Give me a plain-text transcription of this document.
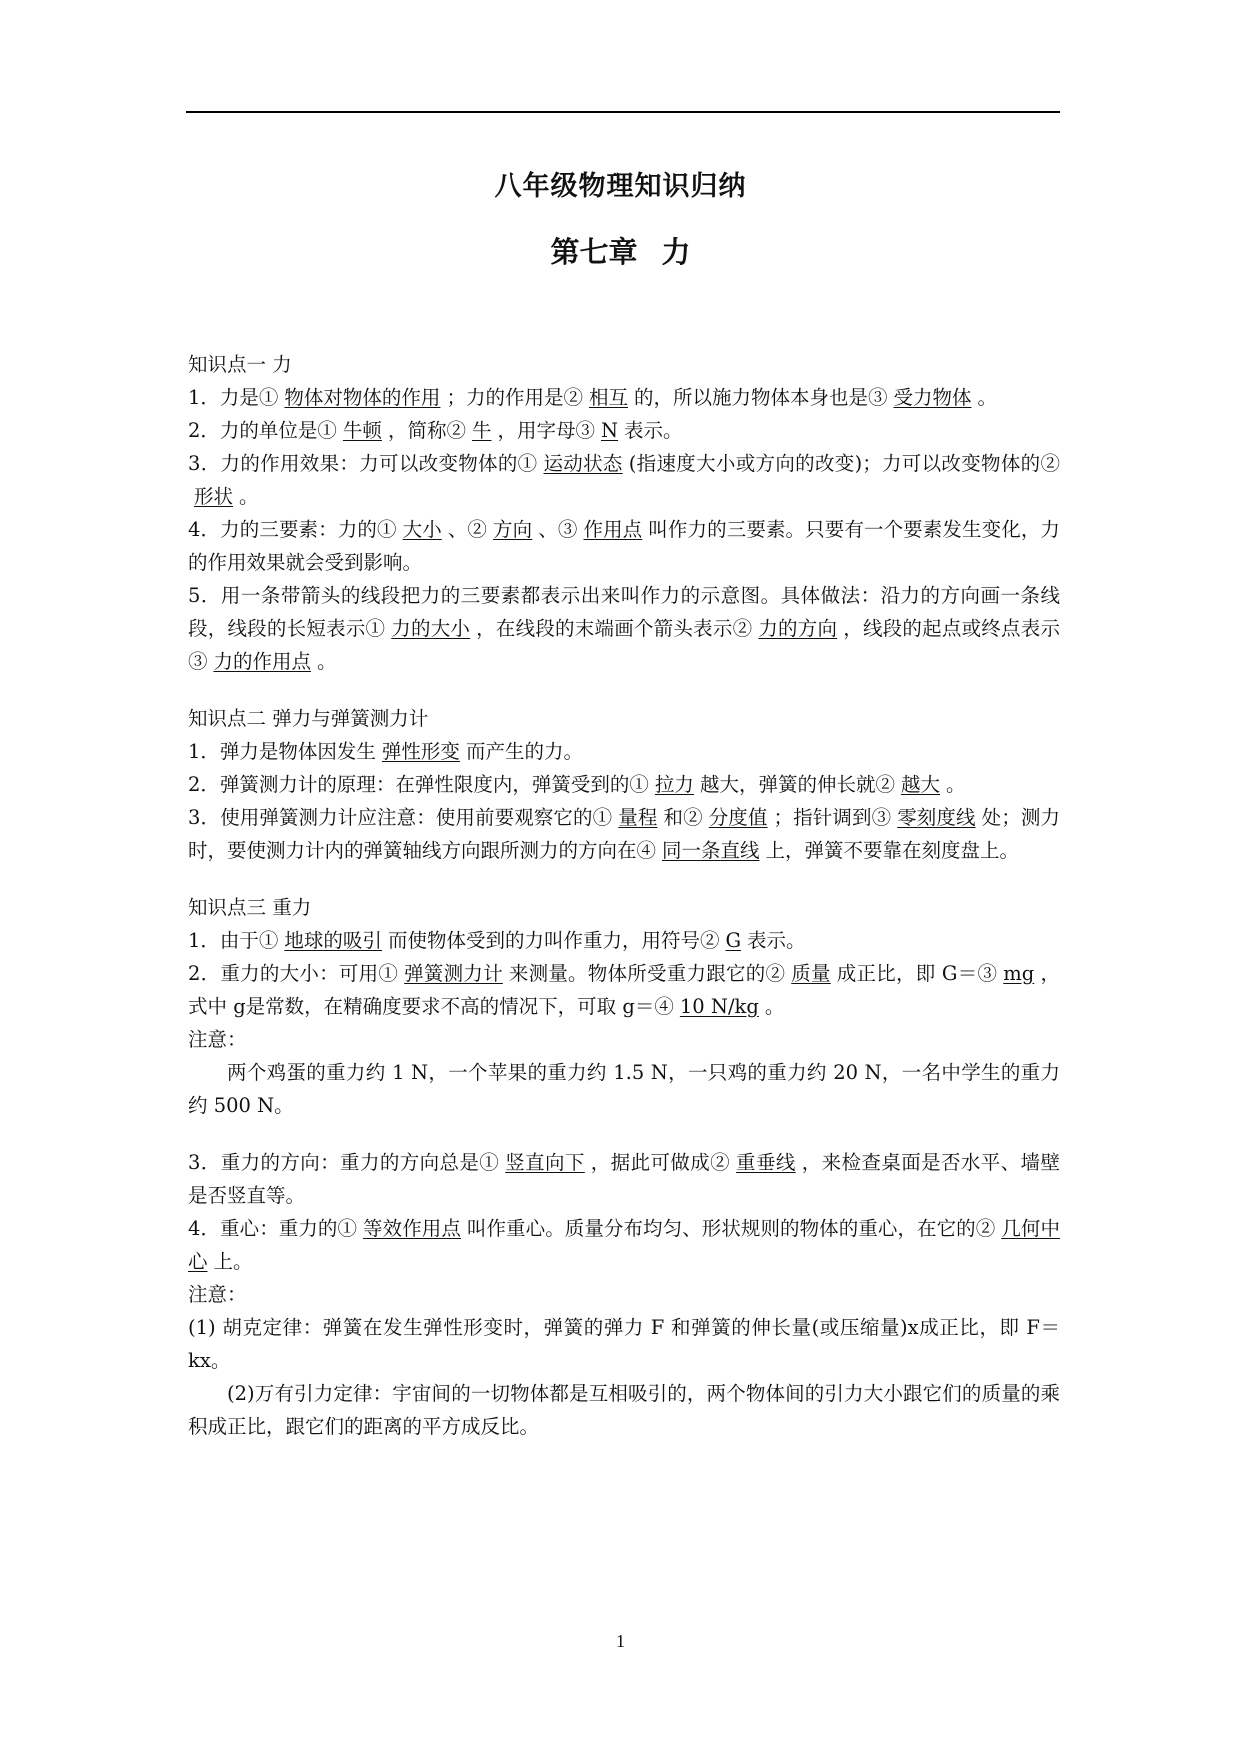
八年级物理知识归纳
第七章 力
知识点一 力
1．力是① 物体对物体的作用 ；力的作用是② 相互 的，所以施力物体本身也是③ 受力物体 。
2．力的单位是① 牛顿 ，简称② 牛 ，用字母③ N 表示。
3．力的作用效果：力可以改变物体的① 运动状态 (指速度大小或方向的改变)；力可以改变物体的②形状 。
4．力的三要素：力的① 大小 、② 方向 、③ 作用点 叫作力的三要素。只要有一个要素发生变化，力的作用效果就会受到影响。
5．用一条带箭头的线段把力的三要素都表示出来叫作力的示意图。具体做法：沿力的方向画一条线段，线段的长短表示① 力的大小 ，在线段的末端画个箭头表示② 力的方向 ，线段的起点或终点表示③ 力的作用点 。
知识点二 弹力与弹簧测力计
1．弹力是物体因发生 弹性形变 而产生的力。
2．弹簧测力计的原理：在弹性限度内，弹簧受到的① 拉力 越大，弹簧的伸长就② 越大 。
3．使用弹簧测力计应注意：使用前要观察它的① 量程 和② 分度值 ；指针调到③ 零刻度线 处；测力时，要使测力计内的弹簧轴线方向跟所测力的方向在④ 同一条直线 上，弹簧不要靠在刻度盘上。
知识点三 重力
1．由于① 地球的吸引 而使物体受到的力叫作重力，用符号② G 表示。
2．重力的大小：可用① 弹簧测力计 来测量。物体所受重力跟它的② 质量 成正比，即 G＝③ mg ，式中 g是常数，在精确度要求不高的情况下，可取 g＝④ 10 N/kg 。
注意：
两个鸡蛋的重力约 1 N，一个苹果的重力约 1.5 N，一只鸡的重力约 20 N，一名中学生的重力约 500 N。
3．重力的方向：重力的方向总是① 竖直向下 ，据此可做成② 重垂线 ，来检查桌面是否水平、墙壁是否竖直等。
4．重心：重力的① 等效作用点 叫作重心。质量分布均匀、形状规则的物体的重心，在它的② 几何中心 上。
注意：
(1) 胡克定律：弹簧在发生弹性形变时，弹簧的弹力 F 和弹簧的伸长量(或压缩量)x成正比，即 F＝kx。
(2)万有引力定律：宇宙间的一切物体都是互相吸引的，两个物体间的引力大小跟它们的质量的乘积成正比，跟它们的距离的平方成反比。
1
